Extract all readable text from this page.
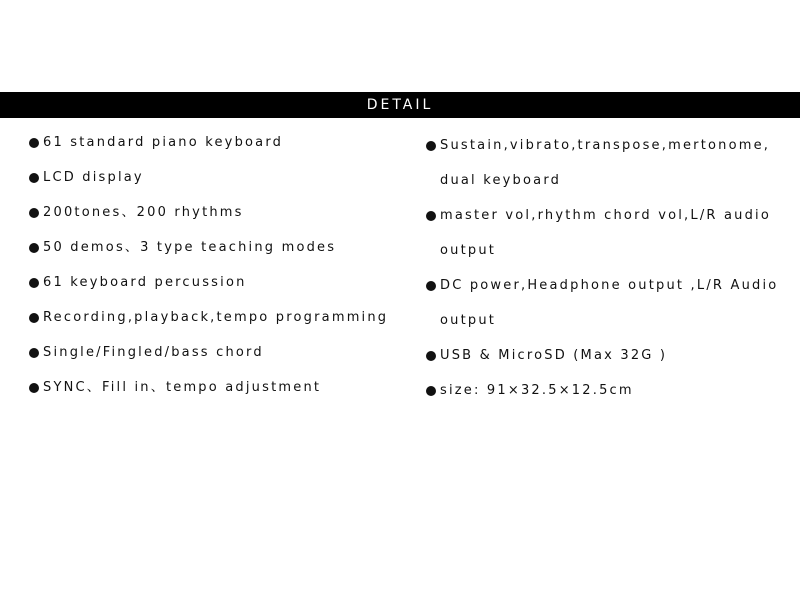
DETAIL
61 standard piano keyboard
LCD display
200tones、200 rhythms
50 demos、3 type teaching modes
61 keyboard percussion
Recording,playback,tempo programming
Single/Fingled/bass chord
SYNC、Fill in、tempo adjustment
Sustain,vibrato,transpose,mertonome,
dual keyboard
master vol,rhythm chord vol,L/R audio
output
DC power,Headphone output ,L/R Audio
output
USB & MicroSD (Max 32G )
size: 91×32.5×12.5cm
